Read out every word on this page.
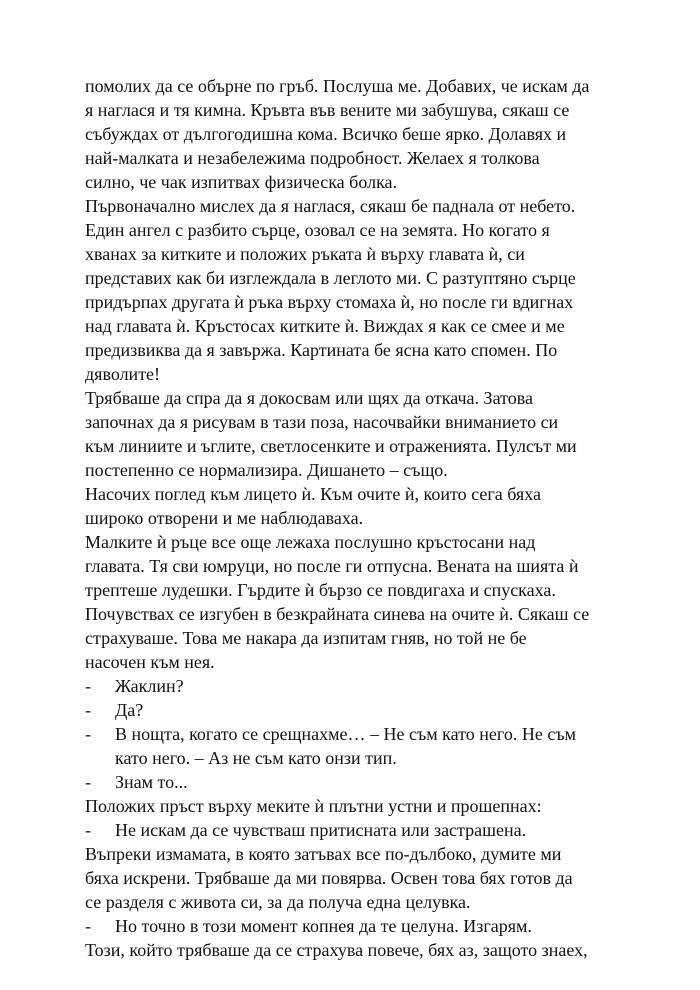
помолих да се обърне по гръб. Послуша ме. Добавих, че искам да
я наглася и тя кимна. Кръвта във вените ми забушува, сякаш се
събуждах от дългогодишна кома. Всичко беше ярко. Долавях и
най-малката и незабележима подробност. Желаех я толкова
силно, че чак изпитвах физическа болка.
Първоначално мислех да я наглася, сякаш бе паднала от небето.
Един ангел с разбито сърце, озовал се на земята. Но когато я
хванах за китките и положих ръката ѝ върху главата ѝ, си
представих как би изглеждала в леглото ми. С разтуптяно сърце
придърпах другата ѝ ръка върху стомаха ѝ, но после ги вдигнах
над главата ѝ. Кръстосах китките ѝ. Виждах я как се смее и ме
предизвиква да я завържа. Картината бе ясна като спомен. По
дяволите!
Трябваше да спра да я докосвам или щях да откача. Затова
започнах да я рисувам в тази поза, насочвайки вниманието си
към линиите и ъглите, светлосенките и отраженията. Пулсът ми
постепенно се нормализира. Дишането – също.
Насочих поглед към лицето ѝ. Към очите ѝ, които сега бяха
широко отворени и ме наблюдаваха.
Малките ѝ ръце все още лежаха послушно кръстосани над
главата. Тя сви юмруци, но после ги отпусна. Вената на шията ѝ
трептеше лудешки. Гърдите ѝ бързо се повдигаха и спускаха.
Почувствах се изгубен в безкрайната синева на очите ѝ. Сякаш се
страхуваше. Това ме накара да изпитам гняв, но той не бе
насочен към нея.
- Жаклин?
- Да?
- В нощта, когато се срещнахме… – Не съм като него. Не съм
като него. – Аз не съм като онзи тип.
- Знам то...
Положих пръст върху меките ѝ плътни устни и прошепнах:
- Не искам да се чувстваш притисната или застрашена.
Въпреки измамата, в която затъвах все по-дълбоко, думите ми
бяха искрени. Трябваше да ми повярва. Освен това бях готов да
се разделя с живота си, за да получа една целувка.
- Но точно в този момент копнея да те целуна. Изгарям.
Този, който трябваше да се страхува повече, бях аз, защото знаех,
